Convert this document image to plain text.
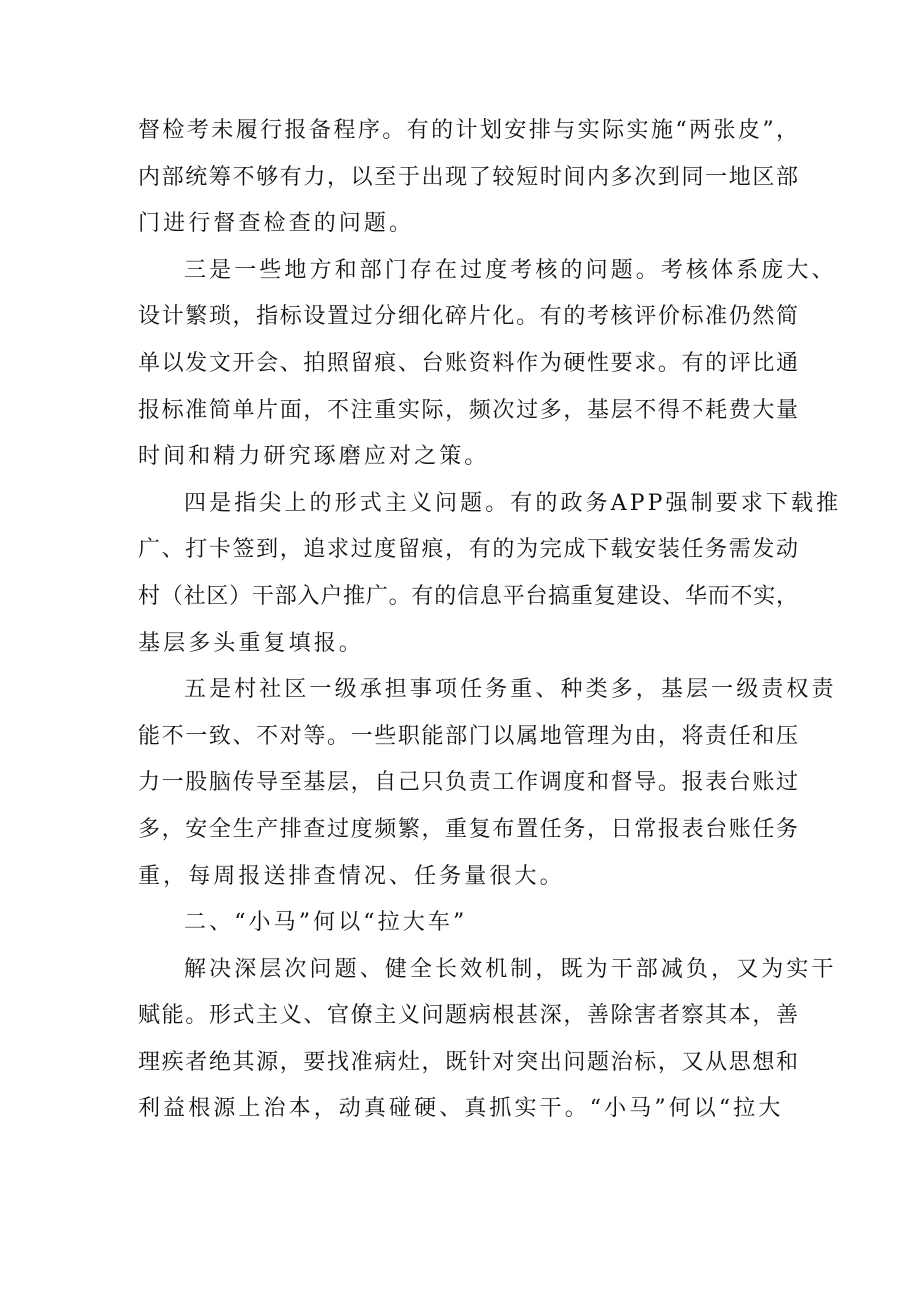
督检考未履行报备程序。有的计划安排与实际实施“两张皮”，
内部统筹不够有力，以至于出现了较短时间内多次到同一地区部
门进行督查检查的问题。
三是一些地方和部门存在过度考核的问题。考核体系庞大、
设计繁琐，指标设置过分细化碎片化。有的考核评价标准仍然简
单以发文开会、拍照留痕、台账资料作为硬性要求。有的评比通
报标准简单片面，不注重实际，频次过多，基层不得不耗费大量
时间和精力研究琢磨应对之策。
四是指尖上的形式主义问题。有的政务APP强制要求下载推
广、打卡签到，追求过度留痕，有的为完成下载安装任务需发动
村（社区）干部入户推广。有的信息平台搞重复建设、华而不实，
基层多头重复填报。
五是村社区一级承担事项任务重、种类多，基层一级责权责
能不一致、不对等。一些职能部门以属地管理为由，将责任和压
力一股脑传导至基层，自己只负责工作调度和督导。报表台账过
多，安全生产排查过度频繁，重复布置任务，日常报表台账任务
重，每周报送排查情况、任务量很大。
二、“小马”何以“拉大车”
解决深层次问题、健全长效机制，既为干部减负，又为实干
赋能。形式主义、官僚主义问题病根甚深，善除害者察其本，善
理疾者绝其源，要找准病灶，既针对突出问题治标，又从思想和
利益根源上治本，动真碰硬、真抓实干。“小马”何以“拉大
